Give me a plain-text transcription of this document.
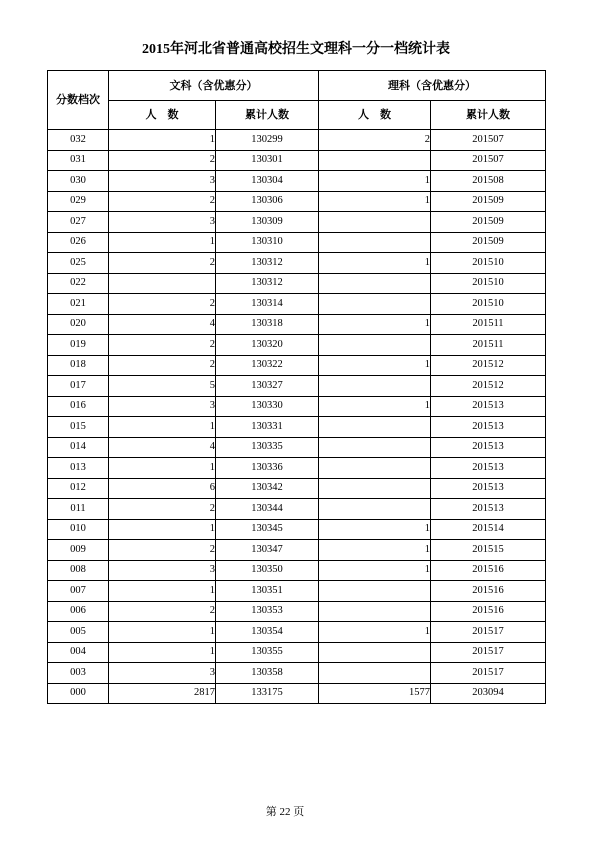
2015年河北省普通高校招生文理科一分一档统计表
分数档次	文科（含优惠分）		理科（含优惠分）	
	人　数	累计人数	人　数	累计人数
032	1	130299	2	201507
031	2	130301		201507
030	3	130304	1	201508
029	2	130306	1	201509
027	3	130309		201509
026	1	130310		201509
025	2	130312	1	201510
022		130312		201510
021	2	130314		201510
020	4	130318	1	201511
019	2	130320		201511
018	2	130322	1	201512
017	5	130327		201512
016	3	130330	1	201513
015	1	130331		201513
014	4	130335		201513
013	1	130336		201513
012	6	130342		201513
011	2	130344		201513
010	1	130345	1	201514
009	2	130347	1	201515
008	3	130350	1	201516
007	1	130351		201516
006	2	130353		201516
005	1	130354	1	201517
004	1	130355		201517
003	3	130358		201517
000	2817	133175	1577	203094
第 22 页
